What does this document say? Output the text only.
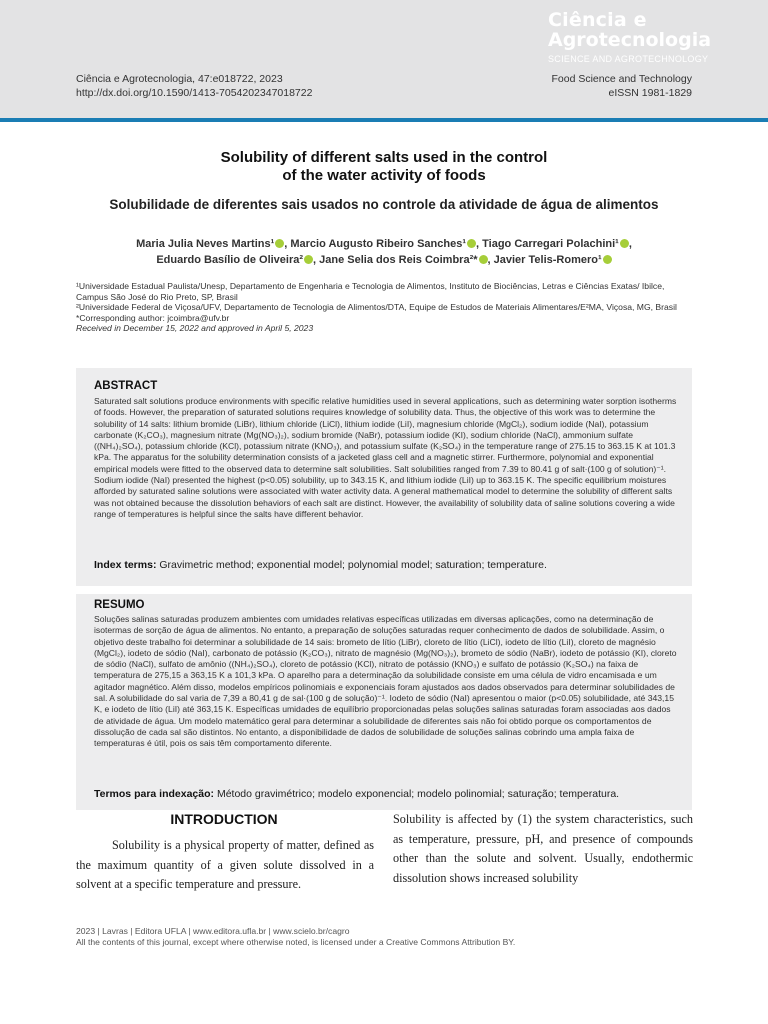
Ciência e
Agrotecnologia
SCIENCE AND AGROTECHNOLOGY
Ciência e Agrotecnologia, 47:e018722, 2023
http://dx.doi.org/10.1590/1413-7054202347018722
Food Science and Technology
eISSN 1981-1829
Solubility of different salts used in the control
of the water activity of foods
Solubilidade de diferentes sais usados no controle da atividade de água de alimentos
Maria Julia Neves Martins¹ , Marcio Augusto Ribeiro Sanches¹ , Tiago Carregari Polachini¹ ,
Eduardo Basílio de Oliveira² , Jane Selia dos Reis Coimbra²* , Javier Telis-Romero¹
¹Universidade Estadual Paulista/Unesp, Departamento de Engenharia e Tecnologia de Alimentos, Instituto de Biociências, Letras e Ciências Exatas/ Ibilce, Campus São José do Rio Preto, SP, Brasil
²Universidade Federal de Viçosa/UFV, Departamento de Tecnologia de Alimentos/DTA, Equipe de Estudos de Materiais Alimentares/E²MA, Viçosa, MG, Brasil
*Corresponding author: jcoimbra@ufv.br
Received in December 15, 2022 and approved in April 5, 2023
ABSTRACT
Saturated salt solutions produce environments with specific relative humidities used in several applications, such as determining water sorption isotherms of foods. However, the preparation of saturated solutions requires knowledge of solubility data. Thus, the objective of this work was to determine the solubility of 14 salts: lithium bromide (LiBr), lithium chloride (LiCl), lithium iodide (LiI), magnesium chloride (MgCl₂), sodium iodide (NaI), potassium carbonate (K₂CO₃), magnesium nitrate (Mg(NO₃)₂), sodium bromide (NaBr), potassium iodide (KI), sodium chloride (NaCl), ammonium sulfate ((NH₄)₂SO₄), potassium chloride (KCl), potassium nitrate (KNO₃), and potassium sulfate (K₂SO₄) in the temperature range of 275.15 to 363.15 K at 101.3 kPa. The apparatus for the solubility determination consists of a jacketed glass cell and a magnetic stirrer. Furthermore, polynomial and exponential empirical models were fitted to the observed data to determine salt solubilities. Salt solubilities ranged from 7.39 to 80.41 g of salt·(100 g of solution)⁻¹. Sodium iodide (NaI) presented the highest (p<0.05) solubility, up to 343.15 K, and lithium iodide (LiI) up to 363.15 K. The specific equilibrium moistures afforded by saturated saline solutions were associated with water activity data. A general mathematical model to determine the solubility of different salts was not obtained because the dissolution behaviors of each salt are distinct. However, the availability of solubility data of saline solutions covering a wide range of temperatures is helpful since the salts have different behavior.
Index terms: Gravimetric method; exponential model; polynomial model; saturation; temperature.
RESUMO
Soluções salinas saturadas produzem ambientes com umidades relativas específicas utilizadas em diversas aplicações, como na determinação de isotermas de sorção de água de alimentos. No entanto, a preparação de soluções saturadas requer conhecimento de dados de solubilidade. Assim, o objetivo deste trabalho foi determinar a solubilidade de 14 sais: brometo de lítio (LiBr), cloreto de lítio (LiCl), iodeto de lítio (LiI), cloreto de magnésio (MgCl₂), iodeto de sódio (NaI), carbonato de potássio (K₂CO₃), nitrato de magnésio (Mg(NO₃)₂), brometo de sódio (NaBr), iodeto de potássio (KI), cloreto de sódio (NaCl), sulfato de amônio ((NH₄)₂SO₄), cloreto de potássio (KCl), nitrato de potássio (KNO₃) e sulfato de potássio (K₂SO₄) na faixa de temperatura de 275,15 a 363,15 K a 101,3 kPa. O aparelho para a determinação da solubilidade consiste em uma célula de vidro encamisada e um agitador magnético. Além disso, modelos empíricos polinomiais e exponenciais foram ajustados aos dados observados para determinar solubilidades de sal. A solubilidade do sal varia de 7,39 a 80,41 g de sal·(100 g de solução)⁻¹. Iodeto de sódio (NaI) apresentou o maior (p<0.05) solubilidade, até 343,15 K, e iodeto de lítio (LiI) até 363,15 K. Específicas umidades de equilíbrio proporcionadas pelas soluções salinas saturadas foram associadas aos dados de atividade de água. Um modelo matemático geral para determinar a solubilidade de diferentes sais não foi obtido porque os comportamentos de dissolução de cada sal são distintos. No entanto, a disponibilidade de dados de solubilidade de soluções salinas cobrindo uma ampla faixa de temperaturas é útil, pois os sais têm comportamento diferente.
Termos para indexação: Método gravimétrico; modelo exponencial; modelo polinomial; saturação; temperatura.
INTRODUCTION
Solubility is a physical property of matter, defined as the maximum quantity of a given solute dissolved in a solvent at a specific temperature and pressure.
Solubility is affected by (1) the system characteristics, such as temperature, pressure, pH, and presence of compounds other than the solute and solvent. Usually, endothermic dissolution shows increased solubility
2023 | Lavras | Editora UFLA | www.editora.ufla.br | www.scielo.br/cagro
All the contents of this journal, except where otherwise noted, is licensed under a Creative Commons Attribution BY.
